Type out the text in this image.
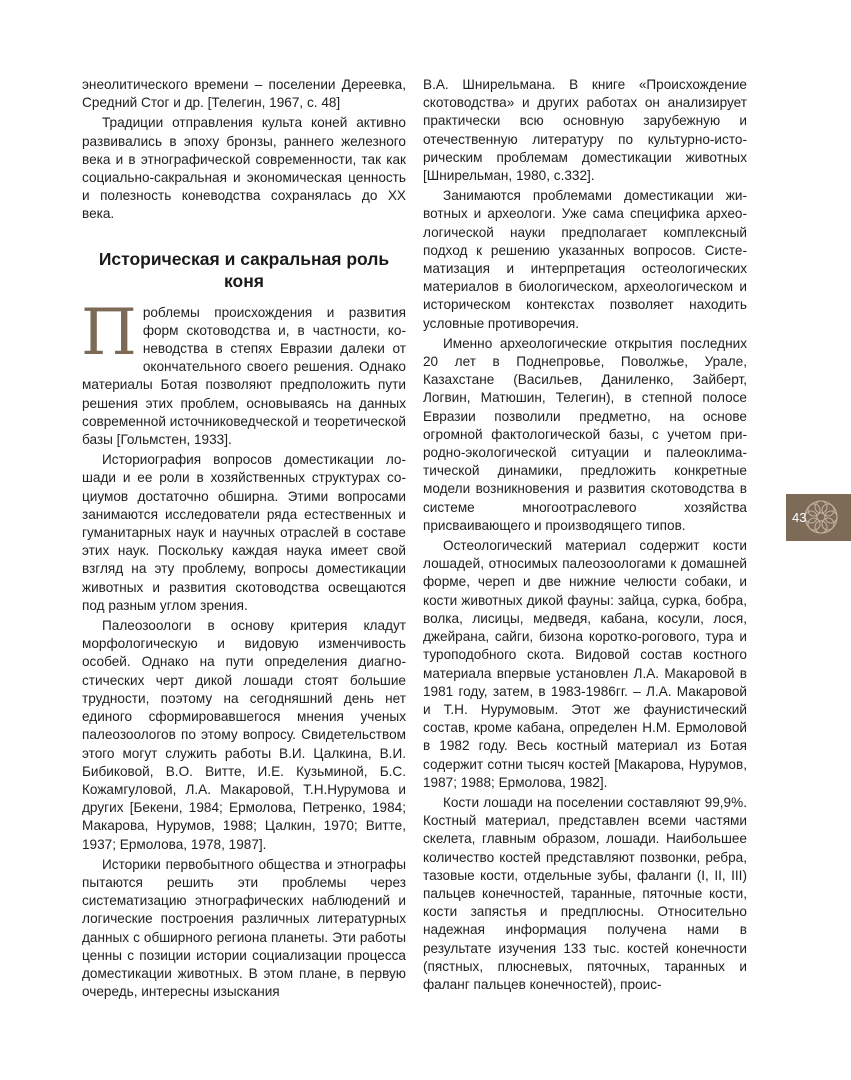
энеолитического времени – поселении Дереевка, Средний Стог и др. [Телегин, 1967, с. 48]

Традиции отправления культа коней активно развивались в эпоху бронзы, раннего железного века и в этнографической современности, так как социально-сакральная и экономическая ценность и полезность коневодства сохранялась до ХХ века.

Историческая и сакральная роль коня

Проблемы происхождения и развития форм скотоводства и, в частности, коневодства в степях Евразии далеки от окончательного своего решения. Однако материалы Ботая позволяют предположить пути решения этих проблем, основываясь на данных современной источниковедческой и теоретической базы [Гольмстен, 1933].

Историография вопросов доместикации лошади и ее роли в хозяйственных структурах социумов достаточно обширна. Этими вопросами занимаются исследователи ряда естественных и гуманитарных наук и научных отраслей в составе этих наук. Поскольку каждая наука имеет свой взгляд на эту проблему, вопросы доместикации животных и развития скотоводства освещаются под разным углом зрения.

Палеозоологи в основу критерия кладут морфологическую и видовую изменчивость особей. Однако на пути определения диагностических черт дикой лошади стоят большие трудности, поэтому на сегодняшний день нет единого сформировавшегося мнения ученых палеозоологов по этому вопросу. Свидетельством этого могут служить работы В.И. Цалкина, В.И. Бибиковой, В.О. Витте, И.Е. Кузьминой, Б.С. Кожамгуловой, Л.А. Макаровой, Т.Н.Нурумова и других [Бекени, 1984; Ермолова, Петренко, 1984; Макарова, Нурумов, 1988; Цалкин, 1970; Витте, 1937; Ермолова, 1978, 1987].

Историки первобытного общества и этнографы пытаются решить эти проблемы через систематизацию этнографических наблюдений и логические построения различных литературных данных с обширного региона планеты. Эти работы ценны с позиции истории социализации процесса доместикации животных. В этом плане, в первую очередь, интересны изыскания

В.А. Шнирельмана. В книге «Происхождение скотоводства» и других работах он анализирует практически всю основную зарубежную и отечественную литературу по культурно-историческим проблемам доместикации животных [Шнирельман, 1980, с.332].

Занимаются проблемами доместикации животных и археологи. Уже сама специфика археологической науки предполагает комплексный подход к решению указанных вопросов. Систематизация и интерпретация остеологических материалов в биологическом, археологическом и историческом контекстах позволяет находить условные противоречия.

Именно археологические открытия последних 20 лет в Поднепровье, Поволжье, Урале, Казахстане (Васильев, Даниленко, Зайберт, Логвин, Матюшин, Телегин), в степной полосе Евразии позволили предметно, на основе огромной фактологической базы, с учетом природно-экологической ситуации и палеоклиматической динамики, предложить конкретные модели возникновения и развития скотоводства в системе многоотраслевого хозяйства присваивающего и производящего типов.

Остеологический материал содержит кости лошадей, относимых палеозоологами к домашней форме, череп и две нижние челюсти собаки, и кости животных дикой фауны: зайца, сурка, бобра, волка, лисицы, медведя, кабана, косули, лося, джейрана, сайги, бизона коротко-рогового, тура и туроподобного скота. Видовой состав костного материала впервые установлен Л.А. Макаровой в 1981 году, затем, в 1983-1986гг. – Л.А. Макаровой и Т.Н. Нурумовым. Этот же фаунистический состав, кроме кабана, определен Н.М. Ермоловой в 1982 году. Весь костный материал из Ботая содержит сотни тысяч костей [Макарова, Нурумов, 1987; 1988; Ермолова, 1982].

Кости лошади на поселении составляют 99,9%. Костный материал, представлен всеми частями скелета, главным образом, лошади. Наибольшее количество костей представляют позвонки, ребра, тазовые кости, отдельные зубы, фаланги (I, II, III) пальцев конечностей, таранные, пяточные кости, кости запястья и предплюсны. Относительно надежная информация получена нами в результате изучения 133 тыс. костей конечности (пястных, плюсневых, пяточных, таранных и фаланг пальцев конечностей), проис-

43
